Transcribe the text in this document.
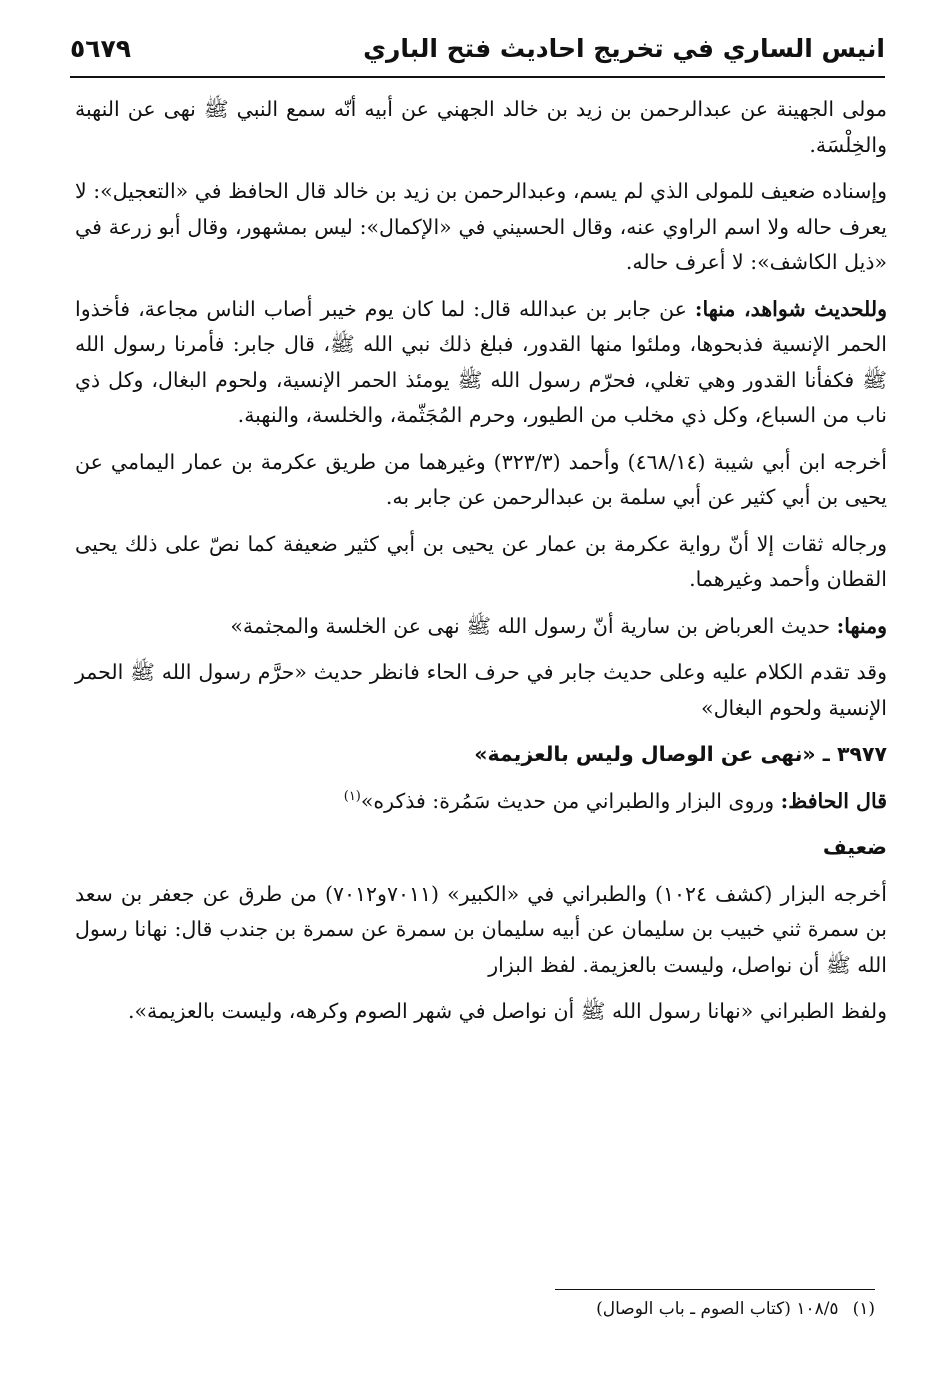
انيس الساري في تخريج احاديث فتح الباري
٥٦٧٩

مولى الجهينة عن عبدالرحمن بن زيد بن خالد الجهني عن أبيه أنّه سمع النبي ﷺ نهى عن النهبة والخِلْسَة.

وإسناده ضعيف للمولى الذي لم يسم، وعبدالرحمن بن زيد بن خالد قال الحافظ في «التعجيل»: لا يعرف حاله ولا اسم الراوي عنه، وقال الحسيني في «الإكمال»: ليس بمشهور، وقال أبو زرعة في «ذيل الكاشف»: لا أعرف حاله.

وللحديث شواهد، منها: عن جابر بن عبدالله قال: لما كان يوم خيبر أصاب الناس مجاعة، فأخذوا الحمر الإنسية فذبحوها، وملئوا منها القدور، فبلغ ذلك نبي الله ﷺ، قال جابر: فأمرنا رسول الله ﷺ فكفأنا القدور وهي تغلي، فحرّم رسول الله ﷺ يومئذ الحمر الإنسية، ولحوم البغال، وكل ذي ناب من السباع، وكل ذي مخلب من الطيور، وحرم المُجَثّمة، والخلسة، والنهبة.

أخرجه ابن أبي شيبة (٤٦٨/١٤) وأحمد (٣٢٣/٣) وغيرهما من طريق عكرمة بن عمار اليمامي عن يحيى بن أبي كثير عن أبي سلمة بن عبدالرحمن عن جابر به.

ورجاله ثقات إلا أنّ رواية عكرمة بن عمار عن يحيى بن أبي كثير ضعيفة كما نصّ على ذلك يحيى القطان وأحمد وغيرهما.

ومنها: حديث العرباض بن سارية أنّ رسول الله ﷺ نهى عن الخلسة والمجثمة»

وقد تقدم الكلام عليه وعلى حديث جابر في حرف الحاء فانظر حديث «حرَّم رسول الله ﷺ الحمر الإنسية ولحوم البغال»

٣٩٧٧ ـ «نهى عن الوصال وليس بالعزيمة»

قال الحافظ: وروى البزار والطبراني من حديث سَمُرة: فذكره»$^{(١)}$

ضعيف

أخرجه البزار (كشف ١٠٢٤) والطبراني في «الكبير» (٧٠١١و٧٠١٢) من طرق عن جعفر بن سعد بن سمرة ثني خبيب بن سليمان عن أبيه سليمان بن سمرة عن سمرة بن جندب قال: نهانا رسول الله ﷺ أن نواصل، وليست بالعزيمة. لفظ البزار

ولفظ الطبراني «نهانا رسول الله ﷺ أن نواصل في شهر الصوم وكرهه، وليست بالعزيمة».

(١)١٠٨/٥ (كتاب الصوم ـ باب الوصال)
